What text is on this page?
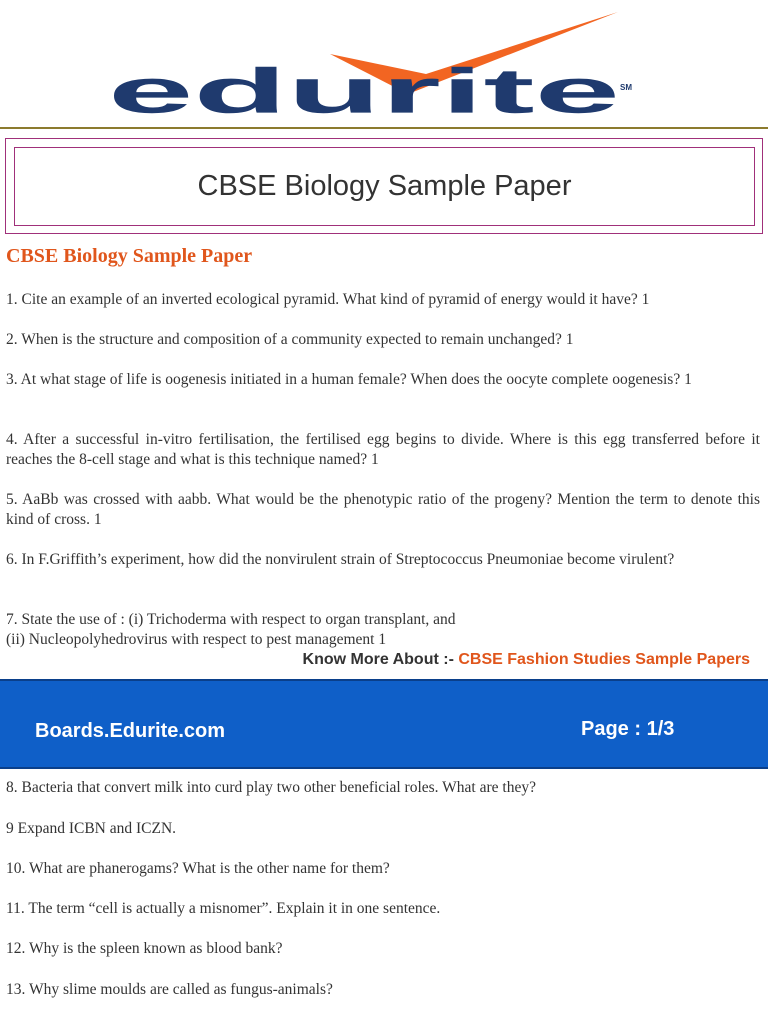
edurite SM
CBSE Biology Sample Paper
CBSE Biology Sample Paper
1. Cite an example of an inverted ecological pyramid. What kind of pyramid of energy would it have? 1
2. When is the structure and composition of a community expected to remain unchanged? 1
3. At what stage of life is oogenesis initiated in a human female? When does the oocyte complete oogenesis? 1
4. After a successful in-vitro fertilisation, the fertilised egg begins to divide. Where is this egg transferred before it reaches the 8-cell stage and what is this technique named? 1
5. AaBb was crossed with aabb. What would be the phenotypic ratio of the progeny? Mention the term to denote this kind of cross. 1
6. In F.Griffith’s experiment, how did the nonvirulent strain of Streptococcus Pneumoniae become virulent?
7. State the use of : (i) Trichoderma with respect to organ transplant, and
(ii) Nucleopolyhedrovirus with respect to pest management 1
Know More About :- CBSE Fashion Studies Sample Papers
Boards.Edurite.com	Page : 1/3
8. Bacteria that convert milk into curd play two other beneficial roles. What are they?
9 Expand ICBN and ICZN.
10. What are phanerogams? What is the other name for them?
11. The term “cell is actually a misnomer”. Explain it in one sentence.
12. Why is the spleen known as blood bank?
13. Why slime moulds are called as fungus-animals?
